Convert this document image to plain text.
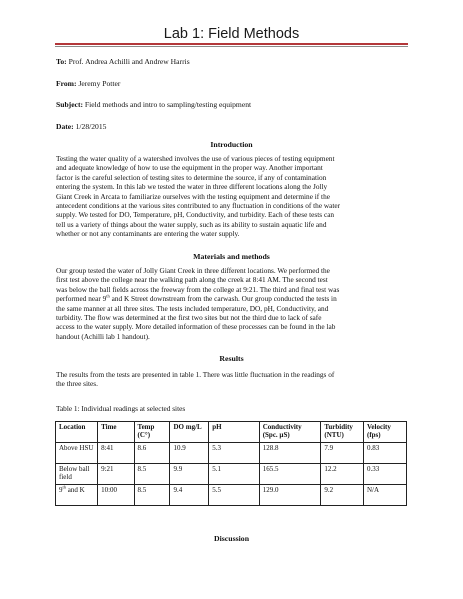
Lab 1: Field Methods
To: Prof. Andrea Achilli and Andrew Harris
From: Jeremy Potter
Subject: Field methods and intro to sampling/testing equipment
Date: 1/28/2015
Introduction
Testing the water quality of a watershed involves the use of various pieces of testing equipment
and adequate knowledge of how to use the equipment in the proper way. Another important
factor is the careful selection of testing sites to determine the source, if any of contamination
entering the system. In this lab we tested the water in three different locations along the Jolly
Giant Creek in Arcata to familiarize ourselves with the testing equipment and determine if the
antecedent conditions at the various sites contributed to any fluctuation in conditions of the water
supply. We tested for DO, Temperature, pH, Conductivity, and turbidity. Each of these tests can
tell us a variety of things about the water supply, such as its ability to sustain aquatic life and
whether or not any contaminants are entering the water supply.
Materials and methods
Our group tested the water of Jolly Giant Creek in three different locations. We performed the
first test above the college near the walking path along the creek at 8:41 AM. The second test
was below the ball fields across the freeway from the college at 9:21. The third and final test was
performed near 9th and K Street downstream from the carwash. Our group conducted the tests in
the same manner at all three sites. The tests included temperature, DO, pH, Conductivity, and
turbidity. The flow was determined at the first two sites but not the third due to lack of safe
access to the water supply. More detailed information of these processes can be found in the lab
handout (Achilli lab 1 handout).
Results
The results from the tests are presented in table 1. There was little fluctuation in the readings of
the three sites.
Table 1: Individual readings at selected sites
Location	Time	Temp (C°)	DO mg/L	pH	Conductivity (Spc. µS)	Turbidity (NTU)	Velocity (fps)
Above HSU	8:41	8.6	10.9	5.3	128.8	7.9	0.83
Below ball field	9:21	8.5	9.9	5.1	165.5	12.2	0.33
9th and K	10:00	8.5	9.4	5.5	129.0	9.2	N/A
Discussion
